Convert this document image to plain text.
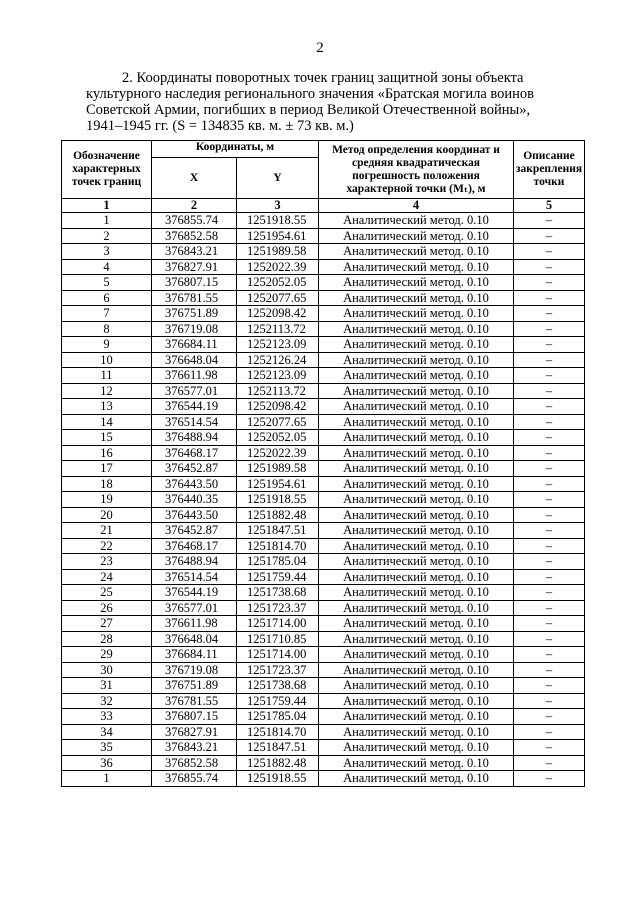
2
2. Координаты поворотных точек границ защитной зоны объекта
культурного наследия регионального значения «Братская могила воинов
Советской Армии, погибших в период Великой Отечественной войны»,
1941–1945 гг. (S = 134835 кв. м. ± 73 кв. м.)
Обозначение характерных точек границ	Координаты, м		Метод определения координат и средняя квадратическая погрешность положения характерной точки (Mₜ), м	Описание закрепления точки
	X	Y		
1	2	3	4	5
1	376855.74	1251918.55	Аналитический метод. 0.10	–
2	376852.58	1251954.61	Аналитический метод. 0.10	–
3	376843.21	1251989.58	Аналитический метод. 0.10	–
4	376827.91	1252022.39	Аналитический метод. 0.10	–
5	376807.15	1252052.05	Аналитический метод. 0.10	–
6	376781.55	1252077.65	Аналитический метод. 0.10	–
7	376751.89	1252098.42	Аналитический метод. 0.10	–
8	376719.08	1252113.72	Аналитический метод. 0.10	–
9	376684.11	1252123.09	Аналитический метод. 0.10	–
10	376648.04	1252126.24	Аналитический метод. 0.10	–
11	376611.98	1252123.09	Аналитический метод. 0.10	–
12	376577.01	1252113.72	Аналитический метод. 0.10	–
13	376544.19	1252098.42	Аналитический метод. 0.10	–
14	376514.54	1252077.65	Аналитический метод. 0.10	–
15	376488.94	1252052.05	Аналитический метод. 0.10	–
16	376468.17	1252022.39	Аналитический метод. 0.10	–
17	376452.87	1251989.58	Аналитический метод. 0.10	–
18	376443.50	1251954.61	Аналитический метод. 0.10	–
19	376440.35	1251918.55	Аналитический метод. 0.10	–
20	376443.50	1251882.48	Аналитический метод. 0.10	–
21	376452.87	1251847.51	Аналитический метод. 0.10	–
22	376468.17	1251814.70	Аналитический метод. 0.10	–
23	376488.94	1251785.04	Аналитический метод. 0.10	–
24	376514.54	1251759.44	Аналитический метод. 0.10	–
25	376544.19	1251738.68	Аналитический метод. 0.10	–
26	376577.01	1251723.37	Аналитический метод. 0.10	–
27	376611.98	1251714.00	Аналитический метод. 0.10	–
28	376648.04	1251710.85	Аналитический метод. 0.10	–
29	376684.11	1251714.00	Аналитический метод. 0.10	–
30	376719.08	1251723.37	Аналитический метод. 0.10	–
31	376751.89	1251738.68	Аналитический метод. 0.10	–
32	376781.55	1251759.44	Аналитический метод. 0.10	–
33	376807.15	1251785.04	Аналитический метод. 0.10	–
34	376827.91	1251814.70	Аналитический метод. 0.10	–
35	376843.21	1251847.51	Аналитический метод. 0.10	–
36	376852.58	1251882.48	Аналитический метод. 0.10	–
1	376855.74	1251918.55	Аналитический метод. 0.10	–
